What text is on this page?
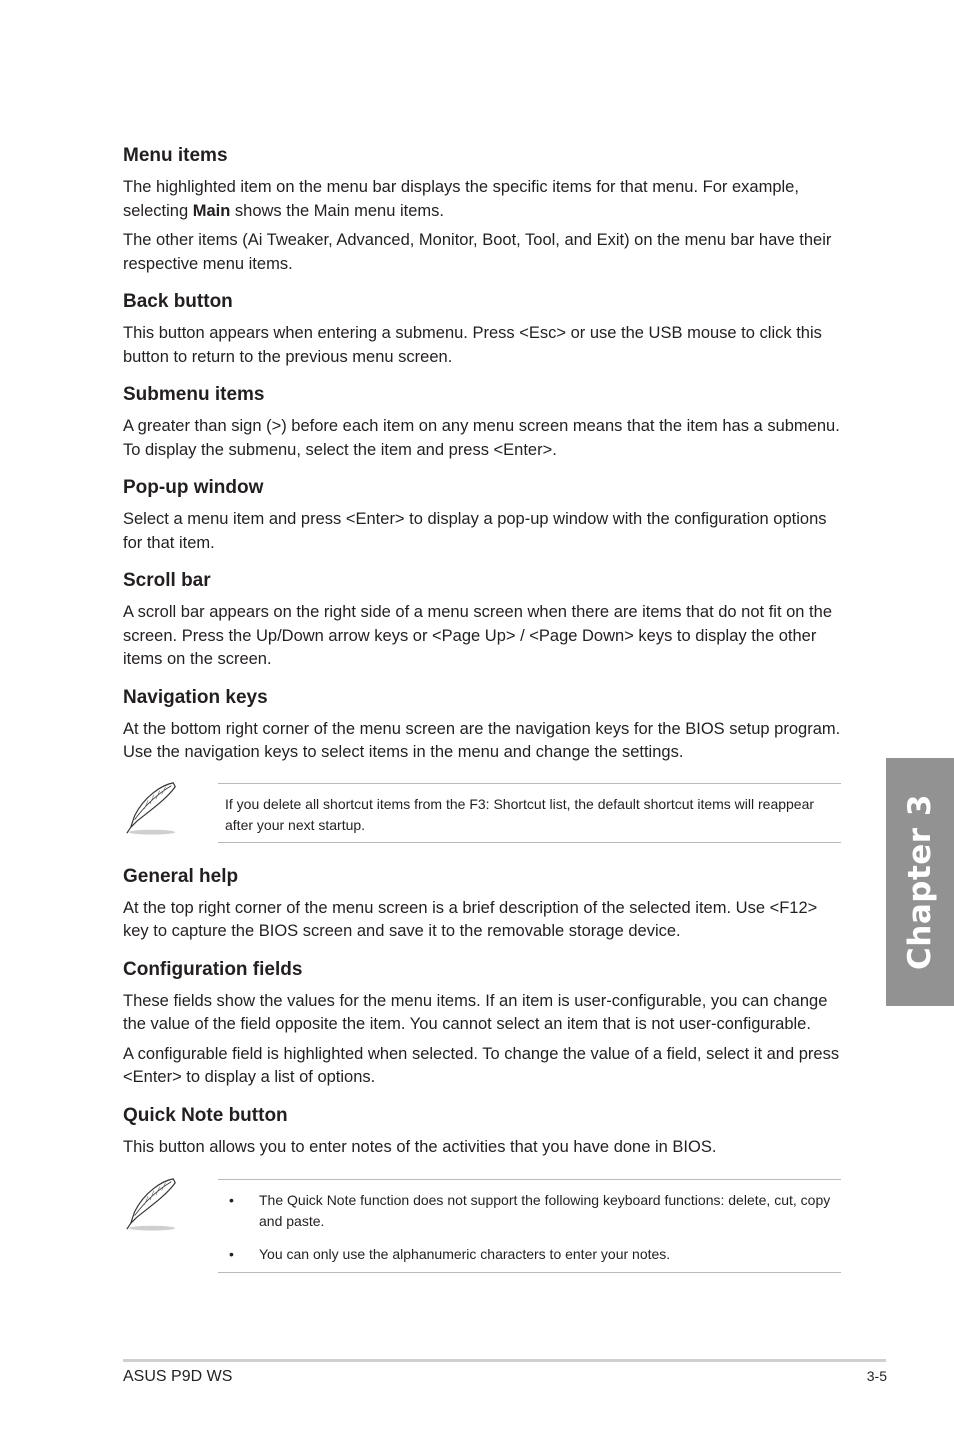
Menu items

The highlighted item on the menu bar displays the specific items for that menu. For example, selecting Main shows the Main menu items.

The other items (Ai Tweaker, Advanced, Monitor, Boot, Tool, and Exit) on the menu bar have their respective menu items.

Back button

This button appears when entering a submenu. Press <Esc> or use the USB mouse to click this button to return to the previous menu screen.

Submenu items

A greater than sign (>) before each item on any menu screen means that the item has a submenu. To display the submenu, select the item and press <Enter>.

Pop-up window

Select a menu item and press <Enter> to display a pop-up window with the configuration options for that item.

Scroll bar

A scroll bar appears on the right side of a menu screen when there are items that do not fit on the screen. Press the Up/Down arrow keys or <Page Up> / <Page Down> keys to display the other items on the screen.

Navigation keys

At the bottom right corner of the menu screen are the navigation keys for the BIOS setup program. Use the navigation keys to select items in the menu and change the settings.

If you delete all shortcut items from the F3: Shortcut list, the default shortcut items will reappear after your next startup.
General help

At the top right corner of the menu screen is a brief description of the selected item. Use <F12> key to capture the BIOS screen and save it to the removable storage device.

Configuration fields

These fields show the values for the menu items. If an item is user-configurable, you can change the value of the field opposite the item. You cannot select an item that is not user-configurable.

A configurable field is highlighted when selected. To change the value of a field, select it and press <Enter> to display a list of options.

Quick Note button

This button allows you to enter notes of the activities that you have done in BIOS.

• The Quick Note function does not support the following keyboard functions: delete, cut, copy and paste.
• You can only use the alphanumeric characters to enter your notes.
Chapter 3
ASUS P9D WS	3-5
